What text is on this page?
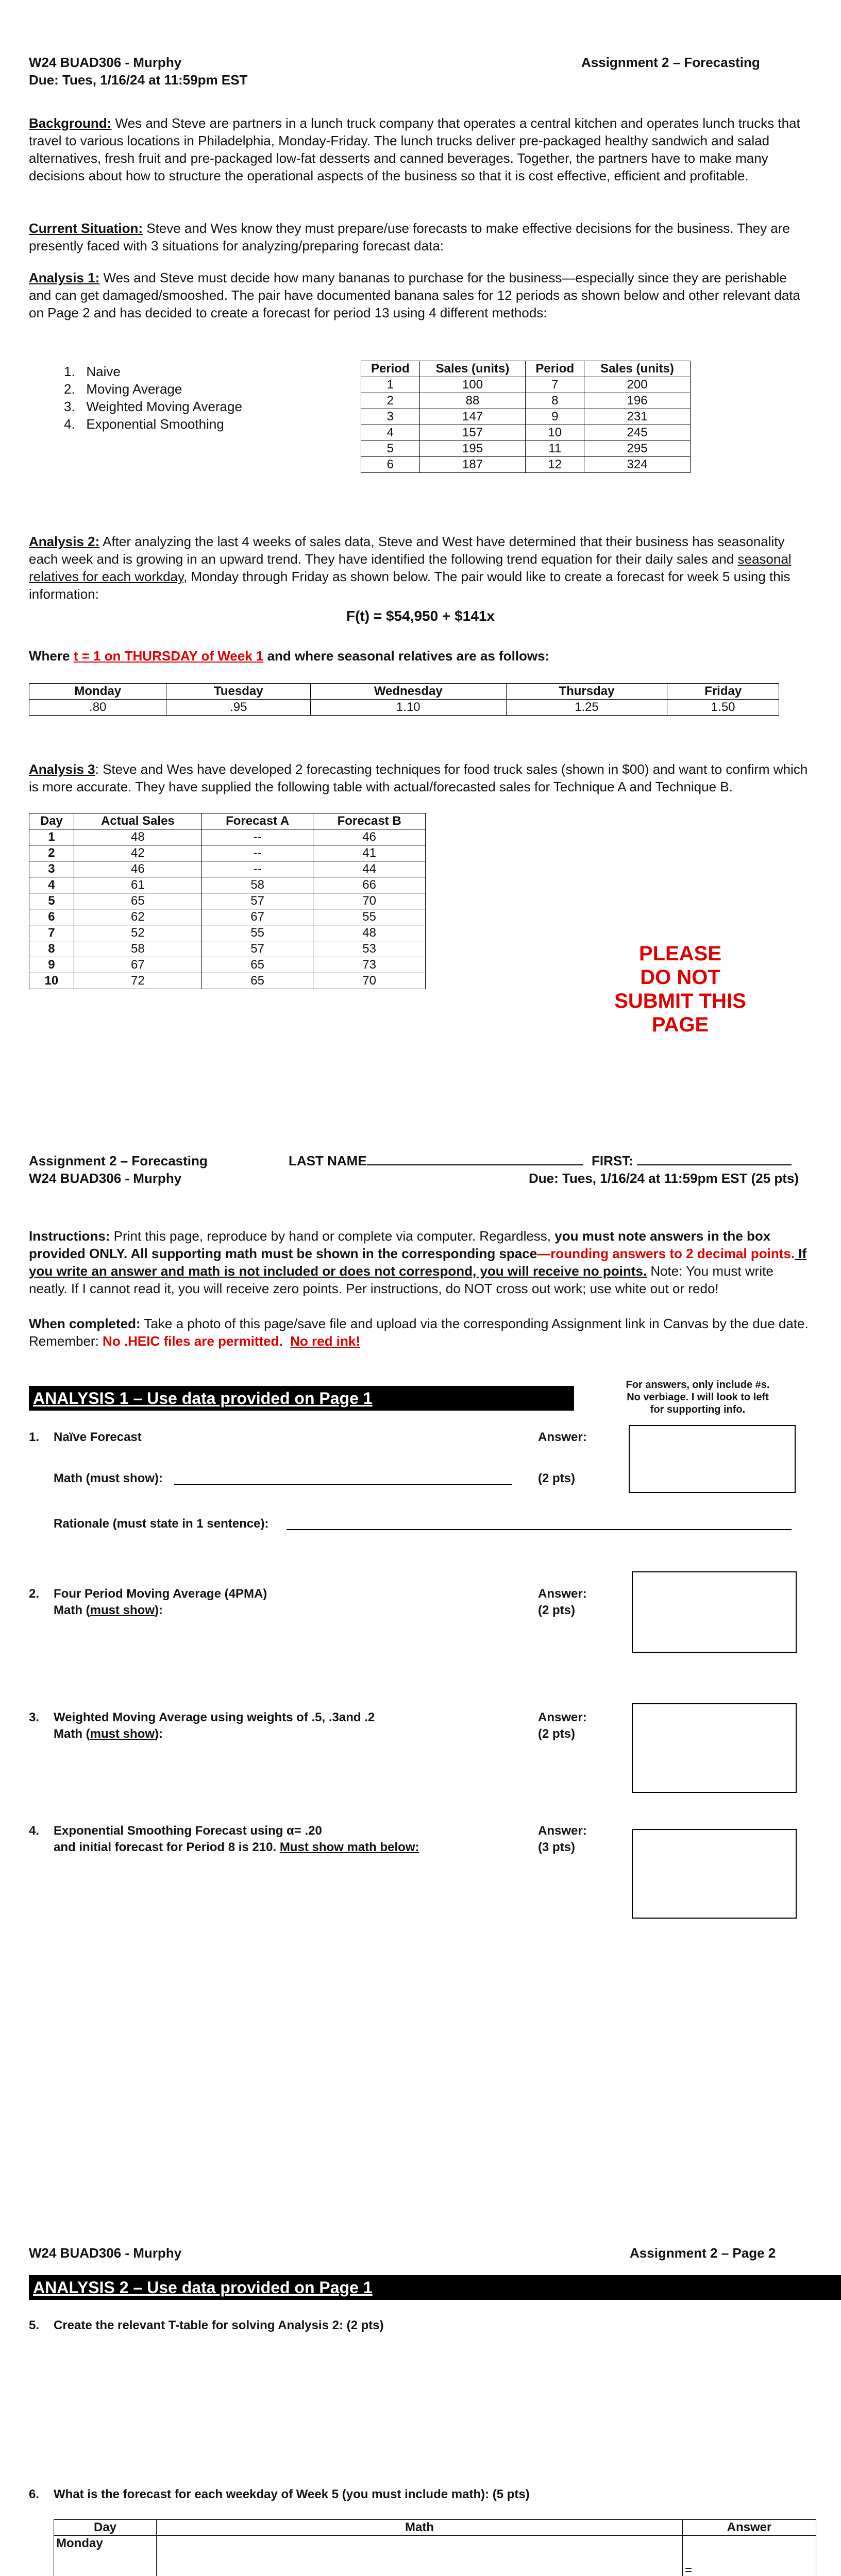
W24 BUAD306 - Murphy
Due: Tues, 1/16/24 at 11:59pm EST
Assignment 2 – Forecasting
Background: Wes and Steve are partners in a lunch truck company that operates a central kitchen and operates lunch trucks that travel to various locations in Philadelphia, Monday-Friday. The lunch trucks deliver pre-packaged healthy sandwich and salad alternatives, fresh fruit and pre-packaged low-fat desserts and canned beverages. Together, the partners have to make many decisions about how to structure the operational aspects of the business so that it is cost effective, efficient and profitable.
Current Situation: Steve and Wes know they must prepare/use forecasts to make effective decisions for the business. They are presently faced with 3 situations for analyzing/preparing forecast data:
Analysis 1: Wes and Steve must decide how many bananas to purchase for the business—especially since they are perishable and can get damaged/smooshed. The pair have documented banana sales for 12 periods as shown below and other relevant data on Page 2 and has decided to create a forecast for period 13 using 4 different methods:
1.   Naive
2.   Moving Average
3.   Weighted Moving Average
4.   Exponential Smoothing
Period	Sales (units)	Period	Sales (units)
1	100	7	200
2	88	8	196
3	147	9	231
4	157	10	245
5	195	11	295
6	187	12	324
Analysis 2: After analyzing the last 4 weeks of sales data, Steve and West have determined that their business has seasonality each week and is growing in an upward trend. They have identified the following trend equation for their daily sales and seasonal relatives for each workday, Monday through Friday as shown below. The pair would like to create a forecast for week 5 using this information:
F(t) = $54,950 + $141x
Where t = 1 on THURSDAY of Week 1 and where seasonal relatives are as follows:
Monday	Tuesday	Wednesday	Thursday	Friday
.80	.95	1.10	1.25	1.50
Analysis 3: Steve and Wes have developed 2 forecasting techniques for food truck sales (shown in $00) and want to confirm which is more accurate. They have supplied the following table with actual/forecasted sales for Technique A and Technique B.
Day	Actual Sales	Forecast A	Forecast B
1	48	--	46
2	42	--	41
3	46	--	44
4	61	58	66
5	65	57	70
6	62	67	55
7	52	55	48
8	58	57	53
9	67	65	73
10	72	65	70
PLEASE
DO NOT
SUBMIT THIS
PAGE
Assignment 2 – Forecasting
W24 BUAD306 - Murphy
LAST NAME	FIRST:
Due: Tues, 1/16/24 at 11:59pm EST (25 pts)
Instructions: Print this page, reproduce by hand or complete via computer. Regardless, you must note answers in the box provided ONLY. All supporting math must be shown in the corresponding space—rounding answers to 2 decimal points. If you write an answer and math is not included or does not correspond, you will receive no points. Note: You must write neatly. If I cannot read it, you will receive zero points. Per instructions, do NOT cross out work; use white out or redo!
When completed: Take a photo of this page/save file and upload via the corresponding Assignment link in Canvas by the due date. Remember: No .HEIC files are permitted. No red ink!
ANALYSIS 1 – Use data provided on Page 1
For answers, only include #s. No verbiage. I will look to left for supporting info.
1. Naïve Forecast	Answer:
Math (must show):	(2 pts)
Rationale (must state in 1 sentence):
2. Four Period Moving Average (4PMA)
Math (must show):
Answer:
(2 pts)
3. Weighted Moving Average using weights of .5, .3and .2
Math (must show):
Answer:
(2 pts)
4. Exponential Smoothing Forecast using α= .20
and initial forecast for Period 8 is 210. Must show math below:
Answer:
(3 pts)
W24 BUAD306 - Murphy	Assignment 2 – Page 2
ANALYSIS 2 – Use data provided on Page 1
5. Create the relevant T-table for solving Analysis 2: (2 pts)
6. What is the forecast for each weekday of Week 5 (you must include math): (5 pts)
Day	Math	Answer
Monday		=
